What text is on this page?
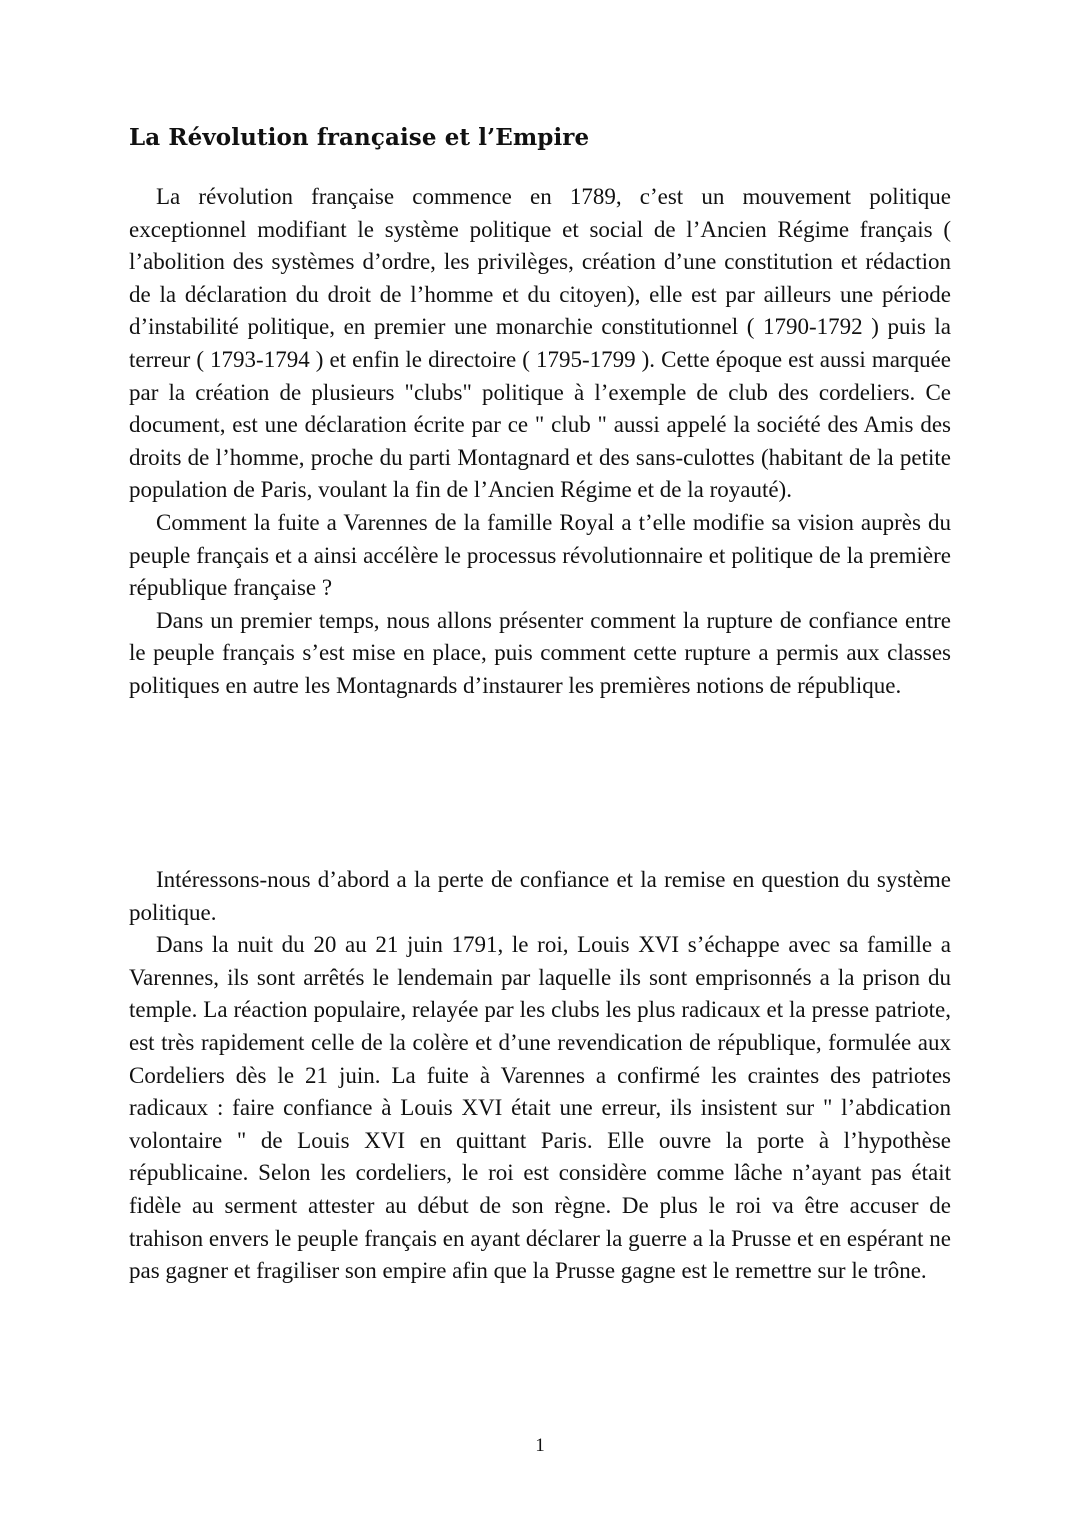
La Révolution française et l’Empire

La révolution française commence en 1789, c’est un mouvement politique exceptionnel modifiant le système politique et social de l’Ancien Régime français ( l’abolition des systèmes d’ordre, les privilèges, création d’une constitution et rédaction de la déclaration du droit de l’homme et du citoyen), elle est par ailleurs une période d’instabilité politique, en premier une monarchie constitutionnel ( 1790-1792 ) puis la terreur ( 1793-1794 ) et enfin le directoire ( 1795-1799 ). Cette époque est aussi marquée par la création de plusieurs "clubs" politique à l’exemple de club des cordeliers. Ce document, est une déclaration écrite par ce " club " aussi appelé la société des Amis des droits de l’homme, proche du parti Montagnard et des sans-culottes (habitant de la petite population de Paris, voulant la fin de l’Ancien Régime et de la royauté).

Comment la fuite a Varennes de la famille Royal a t’elle modifie sa vision auprès du peuple français et a ainsi accélère le processus révolutionnaire et politique de la première république française ?

Dans un premier temps, nous allons présenter comment la rupture de confiance entre le peuple français s’est mise en place, puis comment cette rupture a permis aux classes politiques en autre les Montagnards d’instaurer les premières notions de république.

Intéressons-nous d’abord a la perte de confiance et la remise en question du système politique.

Dans la nuit du 20 au 21 juin 1791, le roi, Louis XVI s’échappe avec sa famille a Varennes, ils sont arrêtés le lendemain par laquelle ils sont emprisonnés a la prison du temple. La réaction populaire, relayée par les clubs les plus radicaux et la presse patriote, est très rapidement celle de la colère et d’une revendication de république, formulée aux Cordeliers dès le 21 juin. La fuite à Varennes a confirmé les craintes des patriotes radicaux : faire confiance à Louis XVI était une erreur, ils insistent sur " l’abdication volontaire " de Louis XVI en quittant Paris. Elle ouvre la porte à l’hypothèse républicaine. Selon les cordeliers, le roi est considère comme lâche n’ayant pas était fidèle au serment attester au début de son règne. De plus le roi va être accuser de trahison envers le peuple français en ayant déclarer la guerre a la Prusse et en espérant ne pas gagner et fragiliser son empire afin que la Prusse gagne est le remettre sur le trône.

1
